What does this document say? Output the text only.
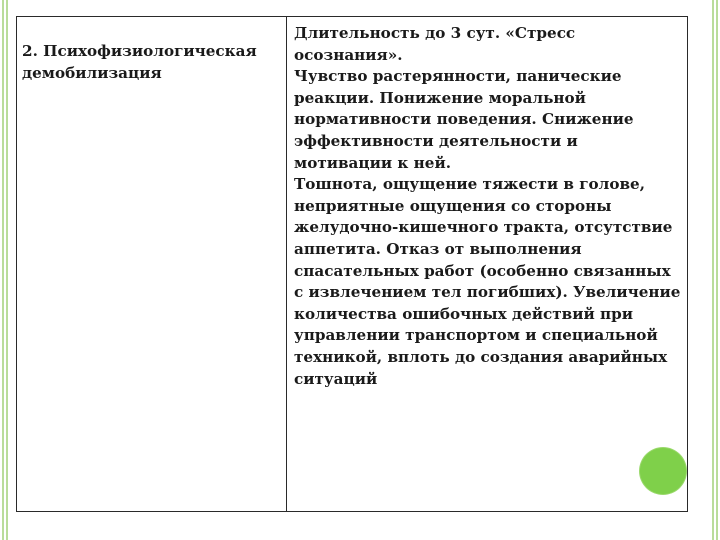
2. Психофизиологическая демобилизация

Длительность до 3 сут. «Стресс осознания».

Чувство растерянности, панические реакции. Понижение моральной нормативности поведения. Снижение эффективности деятельности и мотивации к ней.

Тошнота, ощущение тяжести в голове, неприятные ощущения со стороны желудочно-кишечного тракта, отсутствие аппетита. Отказ от выполнения спасательных работ (особенно связанных с извлечением тел погибших). Увеличение количества ошибочных действий при управлении транспортом и специальной техникой, вплоть до создания аварийных ситуаций
